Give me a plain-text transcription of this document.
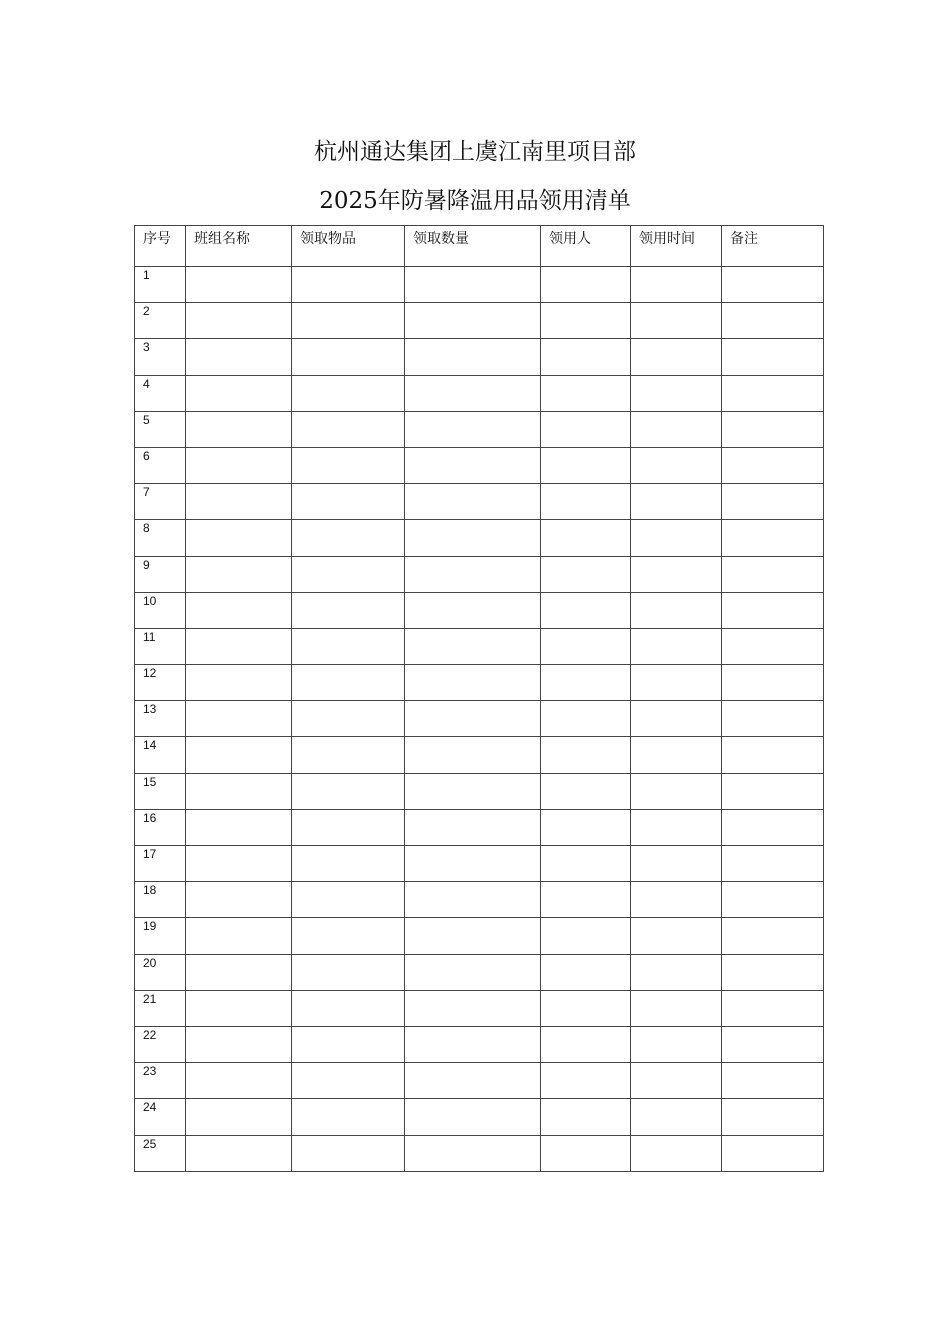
杭州通达集团上虞江南里项目部
2025年防暑降温用品领用清单
序号	班组名称	领取物品	领取数量	领用人	领用时间	备注
1						
2						
3						
4						
5						
6						
7						
8						
9						
10						
11						
12						
13						
14						
15						
16						
17						
18						
19						
20						
21						
22						
23						
24						
25						
